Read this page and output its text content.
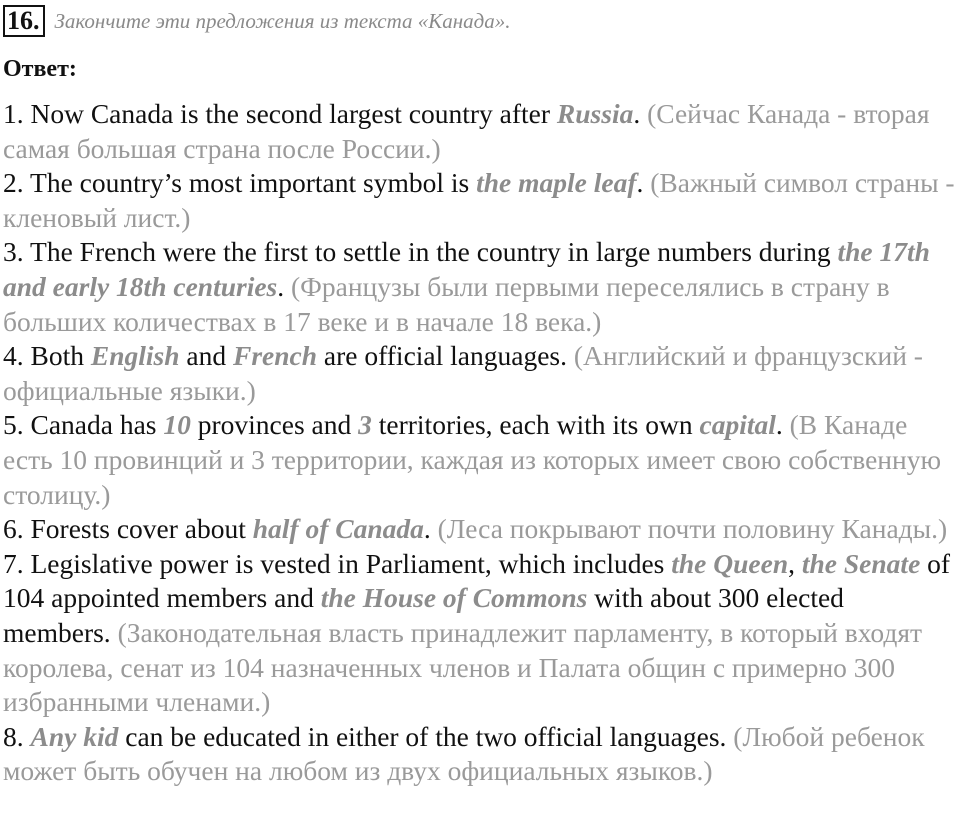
16. Закончите эти предложения из текста «Канада».
Ответ:
1. Now Canada is the second largest country after Russia. (Сейчас Канада - вторая самая большая страна после России.)
2. The country’s most important symbol is the maple leaf. (Важный символ страны - кленовый лист.)
3. The French were the first to settle in the country in large numbers during the 17th and early 18th centuries. (Французы были первыми переселялись в страну в больших количествах в 17 веке и в начале 18 века.)
4. Both English and French are official languages. (Английский и французский - официальные языки.)
5. Canada has 10 provinces and 3 territories, each with its own capital. (В Канаде есть 10 провинций и 3 территории, каждая из которых имеет свою собственную столицу.)
6. Forests cover about half of Canada. (Леса покрывают почти половину Канады.)
7. Legislative power is vested in Parliament, which includes the Queen, the Senate of 104 appointed members and the House of Commons with about 300 elected members. (Законодательная власть принадлежит парламенту, в который входят королева, сенат из 104 назначенных членов и Палата общин с примерно 300 избранными членами.)
8. Any kid can be educated in either of the two official languages. (Любой ребенок может быть обучен на любом из двух официальных языков.)
